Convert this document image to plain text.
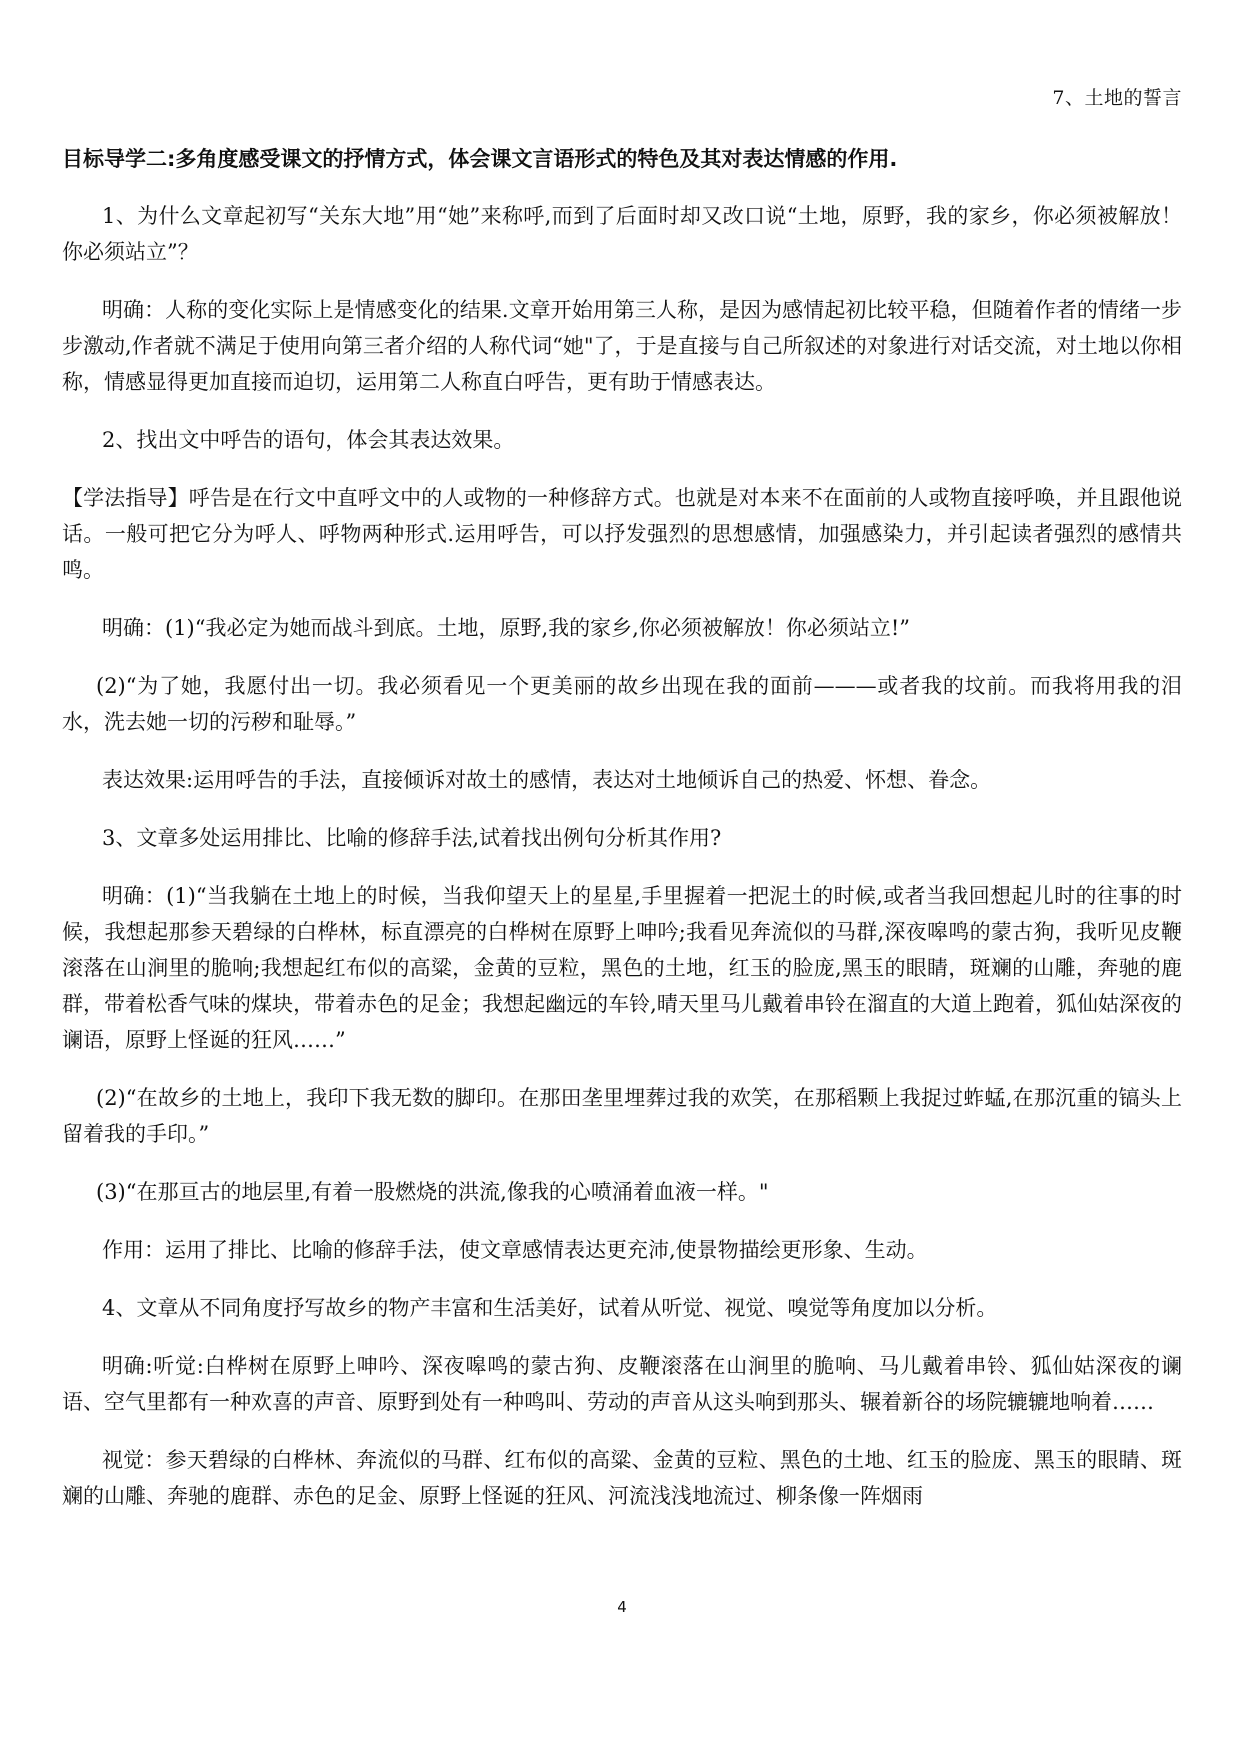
7、土地的誓言
目标导学二:多角度感受课文的抒情方式，体会课文言语形式的特色及其对表达情感的作用.

1、为什么文章起初写“关东大地”用“她”来称呼,而到了后面时却又改口说“土地，原野，我的家乡，你必须被解放！你必须站立”？

明确：人称的变化实际上是情感变化的结果.文章开始用第三人称，是因为感情起初比较平稳，但随着作者的情绪一步步激动,作者就不满足于使用向第三者介绍的人称代词“她"了，于是直接与自己所叙述的对象进行对话交流，对土地以你相称，情感显得更加直接而迫切，运用第二人称直白呼告，更有助于情感表达。

2、找出文中呼告的语句，体会其表达效果。

【学法指导】呼告是在行文中直呼文中的人或物的一种修辞方式。也就是对本来不在面前的人或物直接呼唤，并且跟他说话。一般可把它分为呼人、呼物两种形式.运用呼告，可以抒发强烈的思想感情，加强感染力，并引起读者强烈的感情共鸣。

明确：(1)“我必定为她而战斗到底。土地，原野,我的家乡,你必须被解放！你必须站立!”

(2)“为了她，我愿付出一切。我必须看见一个更美丽的故乡出现在我的面前———或者我的坟前。而我将用我的泪水，洗去她一切的污秽和耻辱。”

表达效果:运用呼告的手法，直接倾诉对故土的感情，表达对土地倾诉自己的热爱、怀想、眷念。

3、文章多处运用排比、比喻的修辞手法,试着找出例句分析其作用?

明确：(1)“当我躺在土地上的时候，当我仰望天上的星星,手里握着一把泥土的时候,或者当我回想起儿时的往事的时候，我想起那参天碧绿的白桦林，标直漂亮的白桦树在原野上呻吟;我看见奔流似的马群,深夜嗥鸣的蒙古狗，我听见皮鞭滚落在山涧里的脆响;我想起红布似的高粱，金黄的豆粒，黑色的土地，红玉的脸庞,黑玉的眼睛，斑斓的山雕，奔驰的鹿群，带着松香气味的煤块，带着赤色的足金；我想起幽远的车铃,晴天里马儿戴着串铃在溜直的大道上跑着，狐仙姑深夜的谰语，原野上怪诞的狂风……”

(2)“在故乡的土地上，我印下我无数的脚印。在那田垄里埋葬过我的欢笑，在那稻颗上我捉过蚱蜢,在那沉重的镐头上留着我的手印。”

(3)“在那亘古的地层里,有着一股燃烧的洪流,像我的心喷涌着血液一样。"

作用：运用了排比、比喻的修辞手法，使文章感情表达更充沛,使景物描绘更形象、生动。

4、文章从不同角度抒写故乡的物产丰富和生活美好，试着从听觉、视觉、嗅觉等角度加以分析。

明确:听觉:白桦树在原野上呻吟、深夜嗥鸣的蒙古狗、皮鞭滚落在山涧里的脆响、马儿戴着串铃、狐仙姑深夜的谰语、空气里都有一种欢喜的声音、原野到处有一种鸣叫、劳动的声音从这头响到那头、辗着新谷的场院辘辘地响着……

视觉：参天碧绿的白桦林、奔流似的马群、红布似的高粱、金黄的豆粒、黑色的土地、红玉的脸庞、黑玉的眼睛、斑斓的山雕、奔驰的鹿群、赤色的足金、原野上怪诞的狂风、河流浅浅地流过、柳条像一阵烟雨

4
